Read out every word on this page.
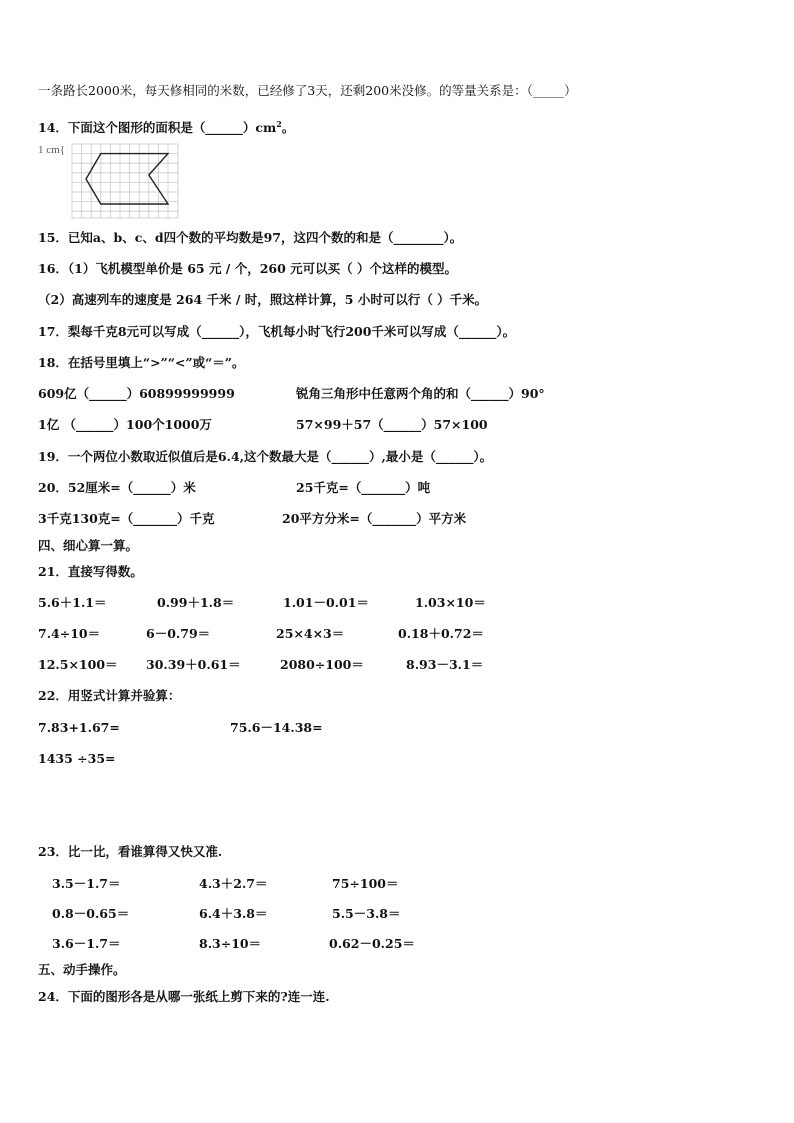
一条路长2000米，每天修相同的米数，已经修了3天，还剩200米没修。的等量关系是：（_____）
14．下面这个图形的面积是$(\_\_\_\_\_\_)cm^2$。
1 cm{
15．已知a、b、c、d四个数的平均数是97，这四个数的和是（________）。
16．（1）飞机模型单价是 65 元 / 个，260 元可以买（ ）个这样的模型。
（2）高速列车的速度是 264 千米 / 时，照这样计算，5 小时可以行（ ）千米。
17．梨每千克8元可以写成（______），飞机每小时飞行200千米可以写成（______）。
18．在括号里填上“>”“<”或“＝”。
609亿（______）60899999999	锐角三角形中任意两个角的和（______）90°
1亿 （______）100个1000万	57×99＋57（______）57×100
19．一个两位小数取近似值后是6.4,这个数最大是（______）,最小是（______）。
20．52厘米=（______）米	25千克=（_______）吨
3千克130克=（_______）千克	20平方分米=（_______）平方米
四、细心算一算。
21．直接写得数。
5.6＋1.1＝	0.99＋1.8＝	1.01－0.01＝	1.03×10＝
7.4÷10＝	6－0.79＝	25×4×3＝	0.18＋0.72＝
12.5×100＝ 30.39＋0.61＝	2080÷100＝	8.93－3.1＝
22．用竖式计算并验算：
7.83+1.67=	75.6－14.38=
1435 ÷35=
23．比一比，看谁算得又快又准.
3.5－1.7＝	4.3＋2.7＝	75÷100＝
0.8－0.65＝	6.4＋3.8＝	5.5－3.8＝
3.6－1.7＝	8.3÷10＝	0.62－0.25＝
五、动手操作。
24．下面的图形各是从哪一张纸上剪下来的?连一连.
